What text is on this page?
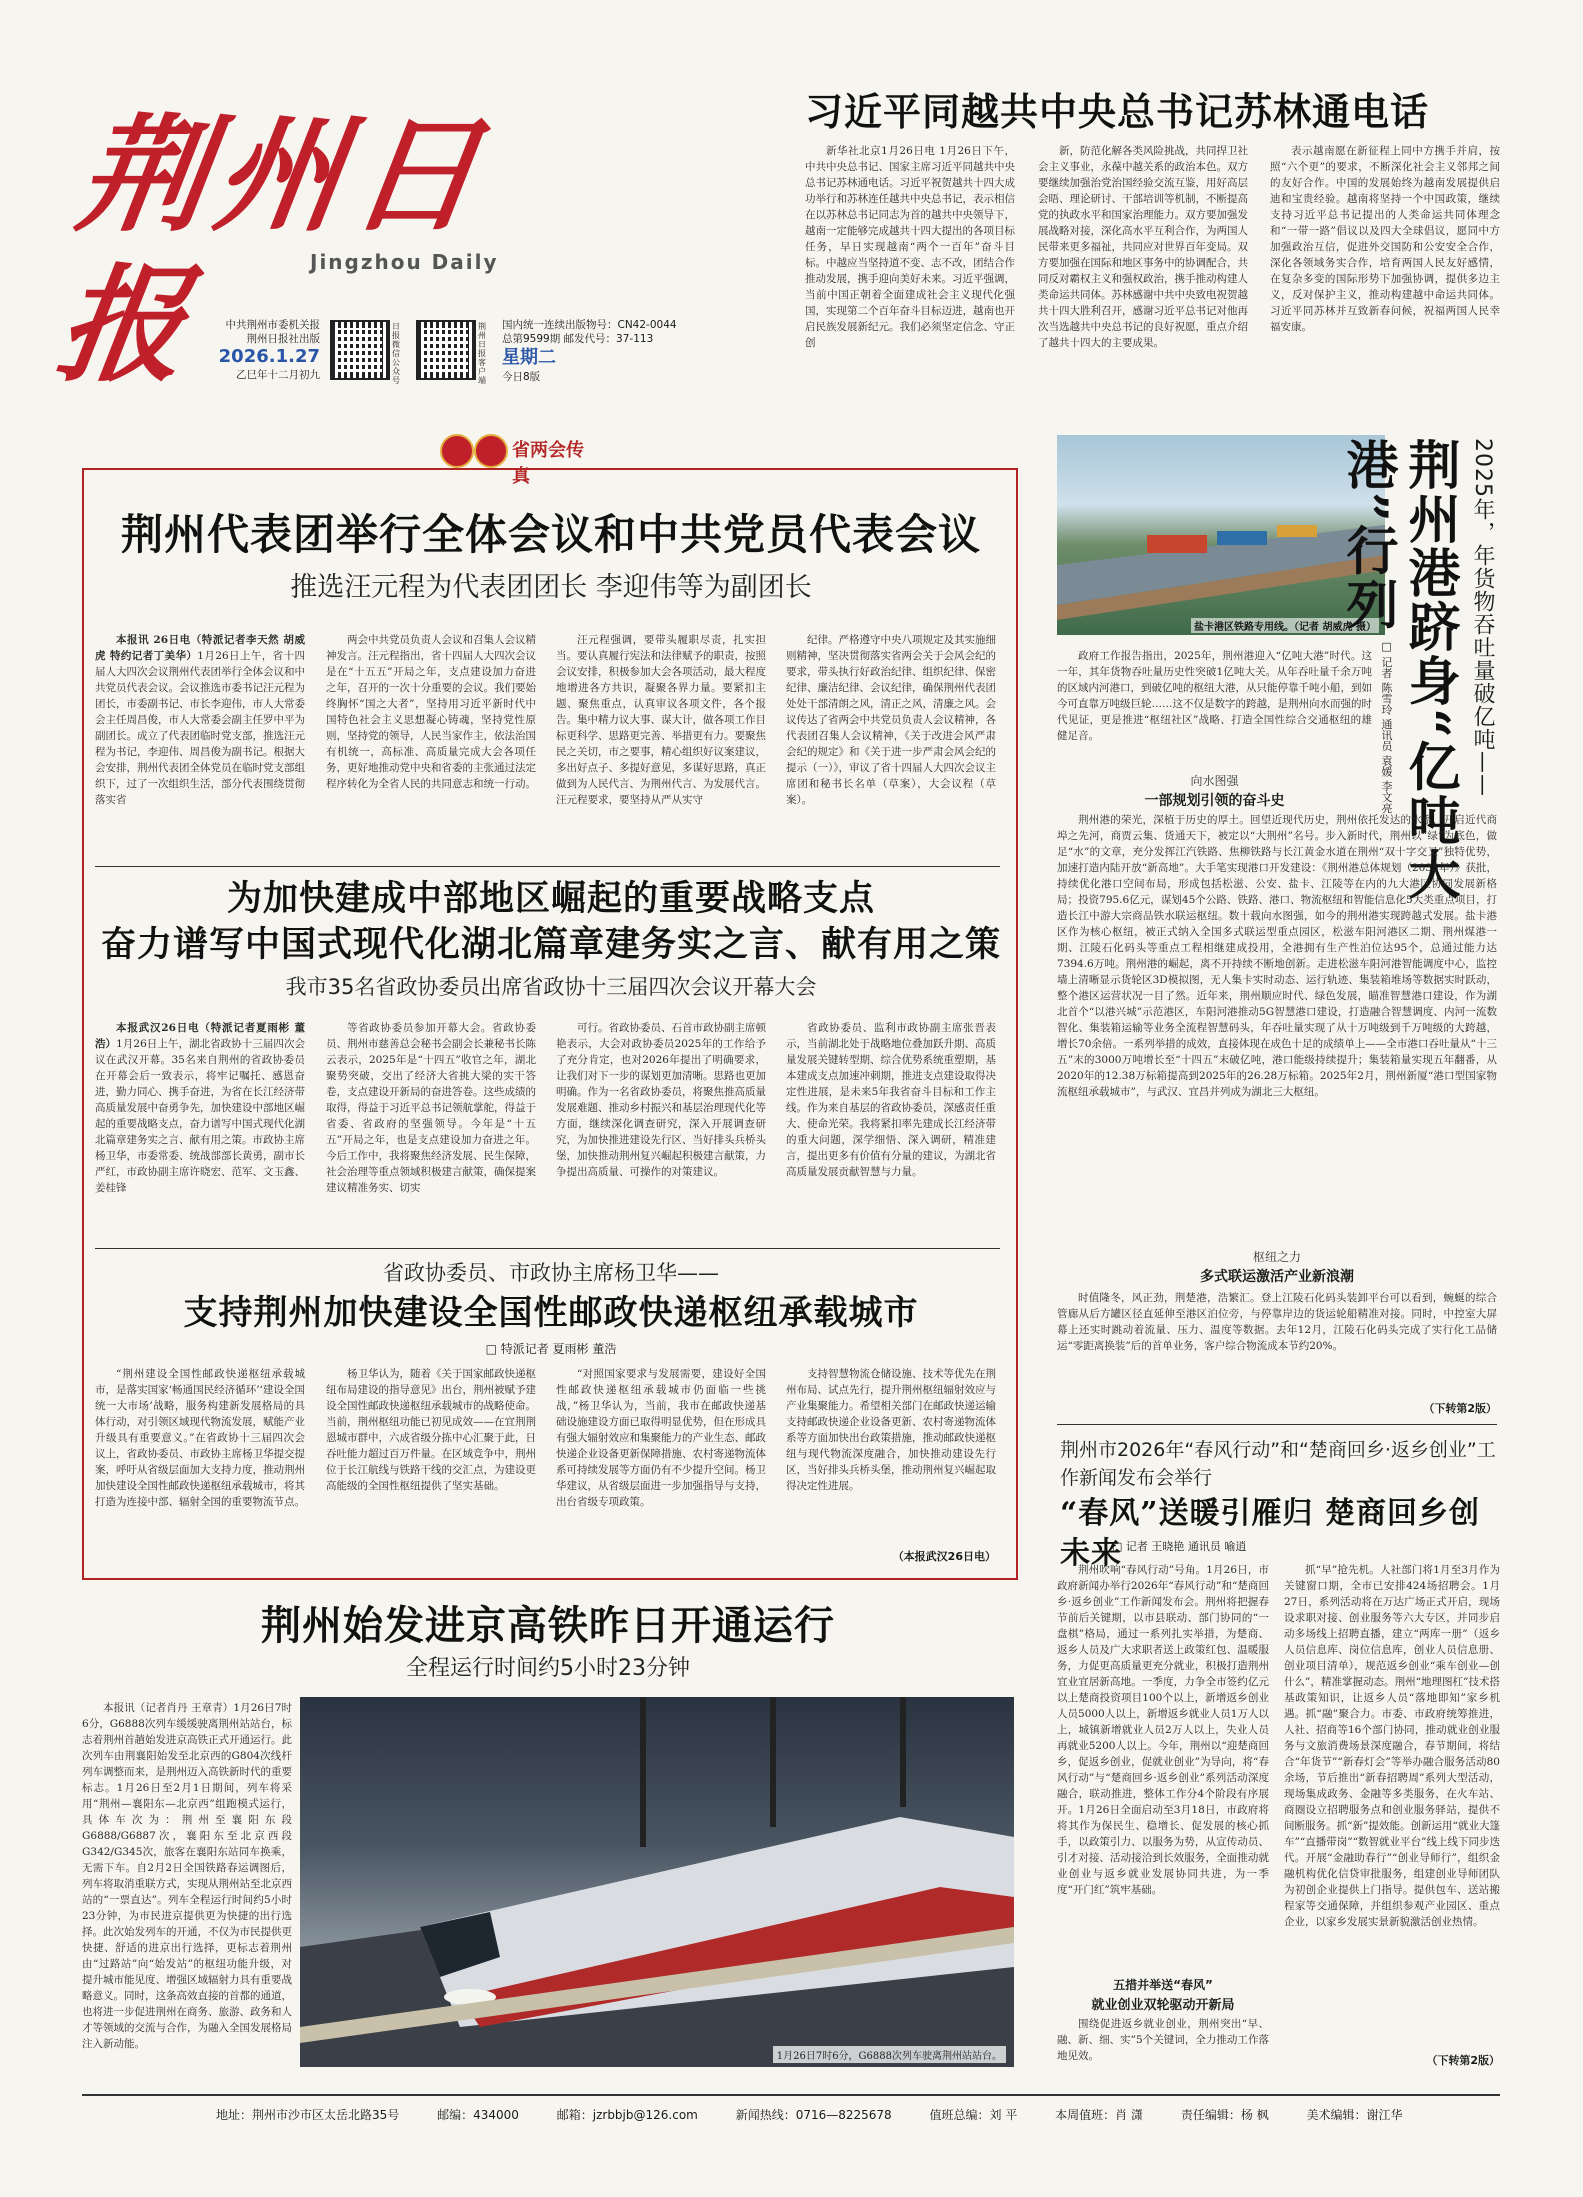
荆州日报	Jingzhou Daily
中共荆州市委机关报
荆州日报社出版
2026.1.27
乙巳年十二月初九
日报微信公众号
荆州日报客户端
国内统一连续出版物号：CN42-0044
总第9599期 邮发代号：37-113
星期二
今日8版
习近平同越共中央总书记苏林通电话

新华社北京1月26日电 1月26日下午，中共中央总书记、国家主席习近平同越共中央总书记苏林通电话。习近平祝贺越共十四大成功举行和苏林连任越共中央总书记，表示相信在以苏林总书记同志为首的越共中央领导下，越南一定能够完成越共十四大提出的各项目标任务，早日实现越南“两个一百年”奋斗目标。中越应当坚持道不变、志不改，团结合作推动发展，携手迎向美好未来。习近平强调，当前中国正朝着全面建成社会主义现代化强国，实现第二个百年奋斗目标迈进，越南也开启民族发展新纪元。我们必须坚定信念、守正创

新，防范化解各类风险挑战，共同捍卫社会主义事业，永葆中越关系的政治本色。双方要继续加强治党治国经验交流互鉴，用好高层会晤、理论研讨、干部培训等机制，不断提高党的执政水平和国家治理能力。双方要加强发展战略对接，深化高水平互利合作，为两国人民带来更多福祉，共同应对世界百年变局。双方要加强在国际和地区事务中的协调配合，共同反对霸权主义和强权政治，携手推动构建人类命运共同体。苏林感谢中共中央致电祝贺越共十四大胜利召开，感谢习近平总书记对他再次当选越共中央总书记的良好祝愿，重点介绍了越共十四大的主要成果。

表示越南愿在新征程上同中方携手并肩，按照“六个更”的要求，不断深化社会主义邻邦之间的友好合作。中国的发展始终为越南发展提供启迪和宝贵经验。越南将坚持一个中国政策，继续支持习近平总书记提出的人类命运共同体理念和“一带一路”倡议以及四大全球倡议，愿同中方加强政治互信，促进外交国防和公安安全合作，深化各领域务实合作，培育两国人民友好感情，在复杂多变的国际形势下加强协调，提供多边主义，反对保护主义，推动构建越中命运共同体。习近平同苏林并互致新春问候，祝福两国人民幸福安康。

省两会传真
荆州代表团举行全体会议和中共党员代表会议
推选汪元程为代表团团长 李迎伟等为副团长

本报讯 26日电（特派记者李天然 胡威虎 特约记者丁美华）1月26日上午，省十四届人大四次会议荆州代表团举行全体会议和中共党员代表会议。会议推选市委书记汪元程为团长，市委副书记、市长李迎伟，市人大常委会主任周昌俊，市人大常委会副主任罗中平为副团长。成立了代表团临时党支部，推选汪元程为书记，李迎伟、周昌俊为副书记。根据大会安排，荆州代表团全体党员在临时党支部组织下，过了一次组织生活，部分代表围绕贯彻落实省

两会中共党员负责人会议和召集人会议精神发言。汪元程指出，省十四届人大四次会议是在“十五五”开局之年，支点建设加力奋进之年，召开的一次十分重要的会议。我们要始终胸怀“国之大者”，坚持用习近平新时代中国特色社会主义思想凝心铸魂，坚持党性原则，坚持党的领导，人民当家作主，依法治国有机统一，高标准、高质量完成大会各项任务，更好地推动党中央和省委的主张通过法定程序转化为全省人民的共同意志和统一行动。

汪元程强调，要带头履职尽责，扎实担当。要认真履行宪法和法律赋予的职责，按照会议安排，积极参加大会各项活动，最大程度地增进各方共识，凝聚各界力量。要紧扣主题、聚焦重点，认真审议各项文件，各个报告。集中精力议大事、谋大计，做各项工作目标更科学、思路更完善、举措更有力。要聚焦民之关切，市之要事，精心组织好议案建议，多出好点子、多提好意见，多谋好思路，真正做到为人民代言、为荆州代言、为发展代言。汪元程要求，要坚持从严从实守

纪律。严格遵守中央八项规定及其实施细则精神，坚决贯彻落实省两会关于会风会纪的要求，带头执行好政治纪律、组织纪律、保密纪律、廉洁纪律、会议纪律，确保荆州代表团处处干部清朗之风，清正之风，清廉之风。会议传达了省两会中共党员负责人会议精神，各代表团召集人会议精神，《关于改进会风严肃会纪的规定》和《关于进一步严肃会风会纪的提示（一）》，审议了省十四届人大四次会议主席团和秘书长名单（草案），大会议程（草案）。

为加快建成中部地区崛起的重要战略支点
奋力谱写中国式现代化湖北篇章建务实之言、献有用之策
我市35名省政协委员出席省政协十三届四次会议开幕大会

本报武汉26日电（特派记者夏雨彬 董浩）1月26日上午，湖北省政协十三届四次会议在武汉开幕。35名来自荆州的省政协委员在开幕会后一致表示，将牢记嘱托、感恩奋进，勤力同心、携手奋进，为省在长江经济带高质量发展中奋勇争先，加快建设中部地区崛起的重要战略支点，奋力谱写中国式现代化湖北篇章建务实之言、献有用之策。市政协主席杨卫华，市委常委、统战部部长黄勇，副市长严红，市政协副主席许晓宏、范军、文玉鑫、姜桂锋

等省政协委员参加开幕大会。省政协委员、荆州市慈善总会秘书会副会长兼秘书长陈云表示，2025年是“十四五”收官之年，湖北聚势突破，交出了经济大省挑大梁的实干答卷，支点建设开新局的奋进答卷。这些成绩的取得，得益于习近平总书记领航掌舵，得益于省委、省政府的坚强领导。今年是“十五五”开局之年，也是支点建设加力奋进之年。今后工作中，我将聚焦经济发展、民生保障，社会治理等重点领域积极建言献策，确保提案建议精准务实、切实

可行。省政协委员、石首市政协副主席顿艳表示，大会对政协委员2025年的工作给予了充分肯定，也对2026年提出了明确要求，让我们对下一步的谋划更加清晰。思路也更加明确。作为一名省政协委员，将聚焦推高质量发展难题、推动乡村振兴和基层治理现代化等方面，继续深化调查研究，深入开展调查研究，为加快推进建设先行区、当好排头兵桥头堡，加快推动荆州复兴崛起积极建言献策，力争提出高质量、可操作的对策建议。

省政协委员、监利市政协副主席张晋表示，当前湖北处于战略地位叠加跃升期、高质量发展关键转型期、综合优势系统重塑期，基本建成支点加速冲刺期，推进支点建设取得决定性进展，是未来5年我省奋斗目标和工作主线。作为来自基层的省政协委员，深感责任重大、使命光荣。我将紧扣率先建成长江经济带的重大问题，深学细悟、深入调研，精准建言，提出更多有价值有分量的建议，为湖北省高质量发展贡献智慧与力量。

省政协委员、市政协主席杨卫华——
支持荆州加快建设全国性邮政快递枢纽承载城市
□ 特派记者 夏雨彬 董浩

“荆州建设全国性邮政快递枢纽承载城市，是落实国家‘畅通国民经济循环’‘建设全国统一大市场’战略，服务构建新发展格局的具体行动，对引领区域现代物流发展，赋能产业升级具有重要意义。”在省政协十三届四次会议上，省政协委员、市政协主席杨卫华提交提案，呼吁从省级层面加大支持力度，推动荆州加快建设全国性邮政快递枢纽承载城市，将其打造为连接中部、辐射全国的重要物流节点。

杨卫华认为，随着《关于国家邮政快递枢纽布局建设的指导意见》出台，荆州被赋予建设全国性邮政快递枢纽承载城市的战略使命。当前，荆州枢纽功能已初见成效——在宜荆荆恩城市群中，六成省级分拣中心汇聚于此，日吞吐能力超过百万件量。在区域竞争中，荆州位于长江航线与铁路干线的交汇点，为建设更高能级的全国性枢纽提供了坚实基础。

“对照国家要求与发展需要，建设好全国性邮政快递枢纽承载城市仍面临一些挑战，”杨卫华认为，当前，我市在邮政快递基础设施建设方面已取得明显优势，但在形成具有强大辐射效应和集聚能力的产业生态、邮政快递企业设备更新保障措施、农村寄递物流体系可持续发展等方面仍有不少提升空间。杨卫华建议，从省级层面进一步加强指导与支持，出台省级专项政策。

支持智慧物流仓储设施、技术等优先在荆州布局、试点先行，提升荆州枢纽辐射效应与产业集聚能力。希望相关部门在邮政快递运输支持邮政快递企业设备更新、农村寄递物流体系等方面加快出台政策措施，推动邮政快递枢纽与现代物流深度融合，加快推动建设先行区，当好排头兵桥头堡，推动荆州复兴崛起取得决定性进展。

（本报武汉26日电）
荆州始发进京高铁昨日开通运行
全程运行时间约5小时23分钟

本报讯（记者肖丹 王章青）1月26日7时6分，G6888次列车缓缓驶离荆州站站台，标志着荆州首趟始发进京高铁正式开通运行。此次列车由荆襄阳始发至北京西的G804次线杆列车调整而来，是荆州迈入高铁新时代的重要标志。1月26日至2月1日期间，列车将采用“荆州—襄阳东—北京西”组跑模式运行，具体车次为：荆州至襄阳东段G6888/G6887次，襄阳东至北京西段G342/G345次，旅客在襄阳东站同车换乘，无需下车。自2月2日全国铁路春运调图后，列车将取消重联方式，实现从荆州站至北京西站的“一票直达”。列车全程运行时间约5小时23分钟，为市民进京提供更为快捷的出行选择。此次始发列车的开通，不仅为市民提供更快捷、舒适的进京出行选择，更标志着荆州由“过路站”向“始发站”的枢纽功能升级，对提升城市能见度、增强区域辐射力具有重要战略意义。同时，这条高效直接的首都的通道，也将进一步促进荆州在商务、旅游、政务和人才等领域的交流与合作，为融入全国发展格局注入新动能。

1月26日7时6分，G6888次列车驶离荆州站站台。
盐卡港区铁路专用线。（记者 胡威虎 摄）	2025年，年货物吞吐量破亿吨——
荆州港跻身“亿吨大港”行列
□ 记者 陈雪玲 通讯员 袁媛 李文亮

政府工作报告指出，2025年，荆州港迎入“亿吨大港”时代。这一年，其年货物吞吐量历史性突破1亿吨大关。从年吞吐量千余万吨的区域内河港口，到破亿吨的枢纽大港，从只能停靠千吨小船，到如今可直靠万吨级巨轮……这不仅是数字的跨越，是荆州向水而强的时代见证，更是推进“枢纽社区”战略、打造全国性综合交通枢纽的雄健足音。

向水图强
一部规划引领的奋斗史

荆州港的荣光，深植于历史的厚土。回望近现代历史，荆州依托发达的水系，开启近代商埠之先河，商贾云集、货通天下，被定以“大荆州”名号。步入新时代，荆州以“绿”为底色，做足“水”的文章，充分发挥江汽铁路、焦柳铁路与长江黄金水道在荆州“双十字交叉”独特优势，加速打造内陆开放“新高地”。大手笔实现港口开发建设：《荆州港总体规划（2035年）》获批，持续优化港口空间布局，形成包括松滋、公安、盐卡、江陵等在内的九大港区协同发展新格局；投资795.6亿元，谋划45个公路、铁路、港口、物流枢纽和智能信息化5大类重点项目，打造长江中游大宗商品铁水联运枢纽。数十载向水图强，如今的荆州港实现跨越式发展。盐卡港区作为核心枢纽，被正式纳入全国多式联运型重点园区，松滋车阳河港区二期、荆州煤港一期、江陵石化码头等重点工程相继建成投用，全港拥有生产性泊位达95个，总通过能力达7394.6万吨。荆州港的崛起，离不开持续不断地创新。走进松滋车阳河港智能调度中心，监控墙上清晰显示货轮区3D模拟图，无人集卡实时动态、运行轨迹、集装箱堆场等数据实时跃动，整个港区运营状况一目了然。近年来，荆州顺应时代、绿色发展，瞄准智慧港口建设，作为湖北首个“以港兴城”示范港区，车阳河港推动5G智慧港口建设，打造融合智慧调度、内河一流数智化、集装箱运输等业务全流程智慧码头，年吞吐量实现了从十万吨级到千万吨级的大跨越，增长70余倍。一系列举措的成效，直接体现在成色十足的成绩单上——全市港口吞吐量从“十三五”末的3000万吨增长至“十四五”末破亿吨，港口能级持续提升；集装箱量实现五年翻番，从2020年的12.38万标箱提高到2025年的26.28万标箱。2025年2月，荆州新厦“港口型国家物流枢纽承载城市”，与武汉、宜昌并列成为湖北三大枢纽。

枢纽之力
多式联运激活产业新浪潮

时值隆冬，风正劲，荆楚港，浩繁汇。登上江陵石化码头装卸平台可以看到，蜿蜒的综合管廊从后方罐区径直延伸至港区泊位旁，与停靠岸边的货运轮船精准对接。同时，中控室大屏幕上还实时跳动着流量、压力、温度等数据。去年12月，江陵石化码头完成了实行化工品储运“零距离换装”后的首单业务，客户综合物流成本节约20%。

（下转第2版）
荆州市2026年“春风行动”和“楚商回乡·返乡创业”工作新闻发布会举行
“春风”送暖引雁归 楚商回乡创未来
□ 记者 王晓艳 通讯员 喻逍

荆州吹响“春风行动”号角。1月26日，市政府新闻办举行2026年“春风行动”和“楚商回乡·返乡创业”工作新闻发布会。荆州将把握春节前后关键期，以市县联动、部门协同的“一盘棋”格局，通过一系列扎实举措，为楚商、返乡人员及广大求职者送上政策红包、温暖服务，力促更高质量更充分就业，积极打造荆州宜业宜居新高地。一季度，力争全市签约亿元以上楚商投资项目100个以上，新增返乡创业人员5000人以上，新增返乡就业人员1万人以上，城镇新增就业人员2万人以上，失业人员再就业5200人以上。今年，荆州以“迎楚商回乡，促返乡创业，促就业创业”为导向，将“春风行动”与“楚商回乡·返乡创业”系列活动深度融合，联动推进，整体工作分4个阶段有序展开。1月26日全面启动至3月18日，市政府将将其作为保民生、稳增长、促发展的核心抓手，以政策引力、以服务为势，从宣传动员、引才对接、活动接洽到长效服务，全面推动就业创业与返乡就业发展协同共进，为一季度“开门红”筑牢基础。

五措并举送“春风”
就业创业双轮驱动开新局

围绕促进返乡就业创业，荆州突出“早、融、新、细、实”5个关键词，全力推动工作落地见效。

抓“早”抢先机。人社部门将1月至3月作为关键窗口期，全市已安排424场招聘会。1月27日，系列活动将在万达广场正式开启，现场设求职对接、创业服务等六大专区，并同步启动多场线上招聘直播，建立“两库一册”（返乡人员信息库、岗位信息库，创业人员信息册、创业项目清单），规范返乡创业“乘车创业—创什么”，精准掌握动态。荆州“地理图杠”技术搭基政策知识，让返乡人员“落地即知”家乡机遇。抓“融”聚合力。市委、市政府统筹推进，人社、招商等16个部门协同，推动就业创业服务与文旅消费场景深度融合，春节期间，将结合“年货节”“新春灯会”等举办融合服务活动80余场，节后推出“新春招聘周”系列大型活动，现场集成政务、金融等多类服务，在火车站、商圈设立招聘服务点和创业服务驿站，提供不间断服务。抓“新”提效能。创新运用“就业大篷车”“直播带岗”“数智就业平台”线上线下同步迭代。开展“金融助春行”“创业导师行”，组织金融机构优化信贷审批服务，组建创业导师团队为初创企业提供上门指导。提供包车、送站搬程家等交通保障，并组织参观产业园区、重点企业，以家乡发展实景新貌激活创业热情。

（下转第2版）
地址：荆州市沙市区太岳北路35号	邮编：434000	邮箱：jzrbbjb@126.com	新闻热线：0716—8225678	值班总编：刘 平	本周值班：肖 潇	责任编辑：杨 枫	美术编辑：谢江华
